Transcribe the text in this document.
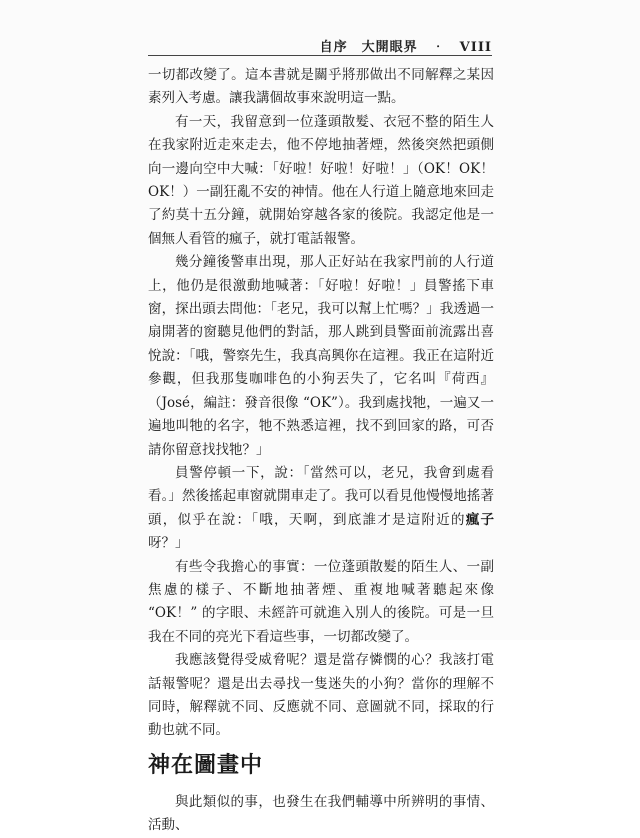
自序　大開眼界　‧　VIII

一切都改變了。這本書就是關乎將那做出不同解釋之某因素列入考慮。讓我講個故事來說明這一點。

有一天，我留意到一位蓬頭散髮、衣冠不整的陌生人在我家附近走來走去，他不停地抽著煙，然後突然把頭側向一邊向空中大喊：「好啦！好啦！好啦！」（OK！OK！OK！）一副狂亂不安的神情。他在人行道上隨意地來回走了約莫十五分鐘，就開始穿越各家的後院。我認定他是一個無人看管的瘋子，就打電話報警。

幾分鐘後警車出現，那人正好站在我家門前的人行道上，他仍是很激動地喊著：「好啦！好啦！」員警搖下車窗，探出頭去問他：「老兄，我可以幫上忙嗎？」我透過一扇開著的窗聽見他們的對話，那人跳到員警面前流露出喜悅說：「哦，警察先生，我真高興你在這裡。我正在這附近參觀，但我那隻咖啡色的小狗丟失了，它名叫『荷西』（José，編註：發音很像 “OK”）。我到處找牠，一遍又一遍地叫牠的名字，牠不熟悉這裡，找不到回家的路，可否請你留意找找牠？」

員警停頓一下，說：「當然可以，老兄，我會到處看看。」然後搖起車窗就開車走了。我可以看見他慢慢地搖著頭，似乎在說：「哦，天啊，到底誰才是這附近的瘋子呀？」

有些令我擔心的事實：一位蓬頭散髮的陌生人、一副焦慮的樣子、不斷地抽著煙、重複地喊著聽起來像 “OK！” 的字眼、未經許可就進入別人的後院。可是一旦我在不同的亮光下看這些事，一切都改變了。

我應該覺得受威脅呢？還是當存憐憫的心？我該打電話報警呢？還是出去尋找一隻迷失的小狗？當你的理解不同時，解釋就不同、反應就不同、意圖就不同，採取的行動也就不同。

神在圖畫中

與此類似的事，也發生在我們輔導中所辨明的事情、活動、
